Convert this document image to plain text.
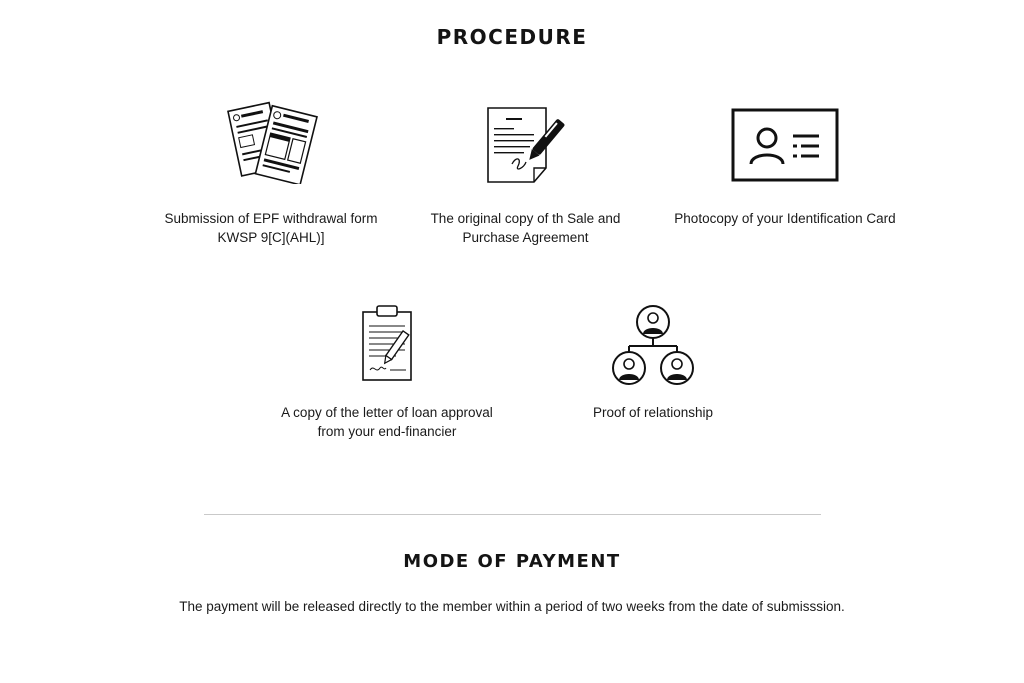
PROCEDURE
Submission of EPF withdrawal form KWSP 9[C](AHL)]
The original copy of th Sale and Purchase Agreement
Photocopy of your Identification Card
A copy of the letter of loan approval from your end-financier
Proof of relationship
MODE OF PAYMENT
The payment will be released directly to the member within a period of two weeks from the date of submisssion.
